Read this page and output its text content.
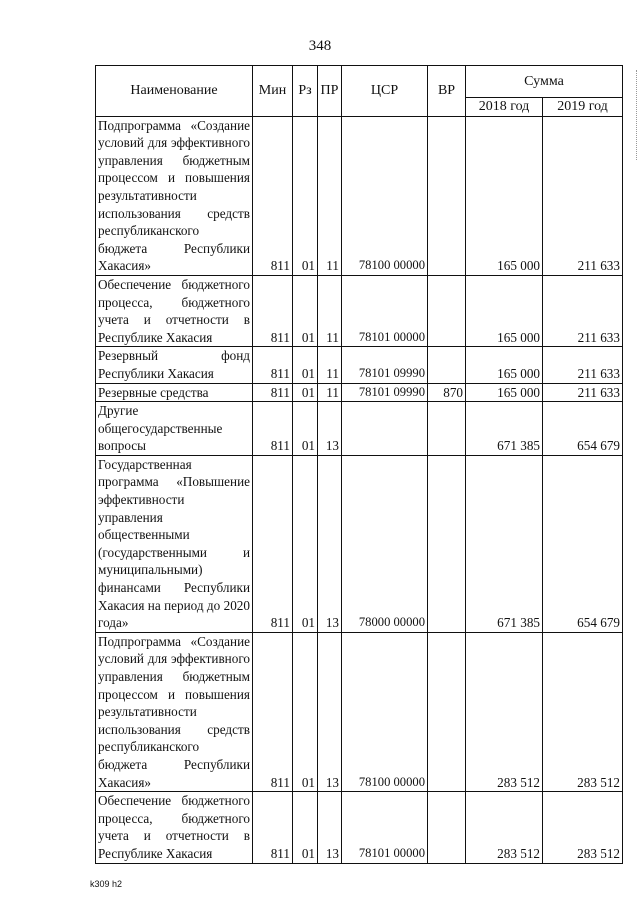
348
Наименование	Мин	Рз	ПР	ЦСР	ВР	Сумма	
						2018 год	2019 год
Подпрограмма «Создание условий для эффективного управления бюджетным процессом и повышения результативности использования средств республиканского бюджета Республики Хакасия»	811	01	11	78100 00000		165 000	211 633
Обеспечение бюджетного процесса, бюджетного учета и отчетности в Республике Хакасия	811	01	11	78101 00000		165 000	211 633
Резервный фонд Республики Хакасия	811	01	11	78101 09990		165 000	211 633
Резервные средства	811	01	11	78101 09990	870	165 000	211 633
Другие общегосударственные вопросы	811	01	13			671 385	654 679
Государственная программа «Повышение эффективности управления общественными (государственными и муниципальными) финансами Республики Хакасия на период до 2020 года»	811	01	13	78000 00000		671 385	654 679
Подпрограмма «Создание условий для эффективного управления бюджетным процессом и повышения результативности использования средств республиканского бюджета Республики Хакасия»	811	01	13	78100 00000		283 512	283 512
Обеспечение бюджетного процесса, бюджетного учета и отчетности в Республике Хакасия	811	01	13	78101 00000		283 512	283 512
k309 h2
